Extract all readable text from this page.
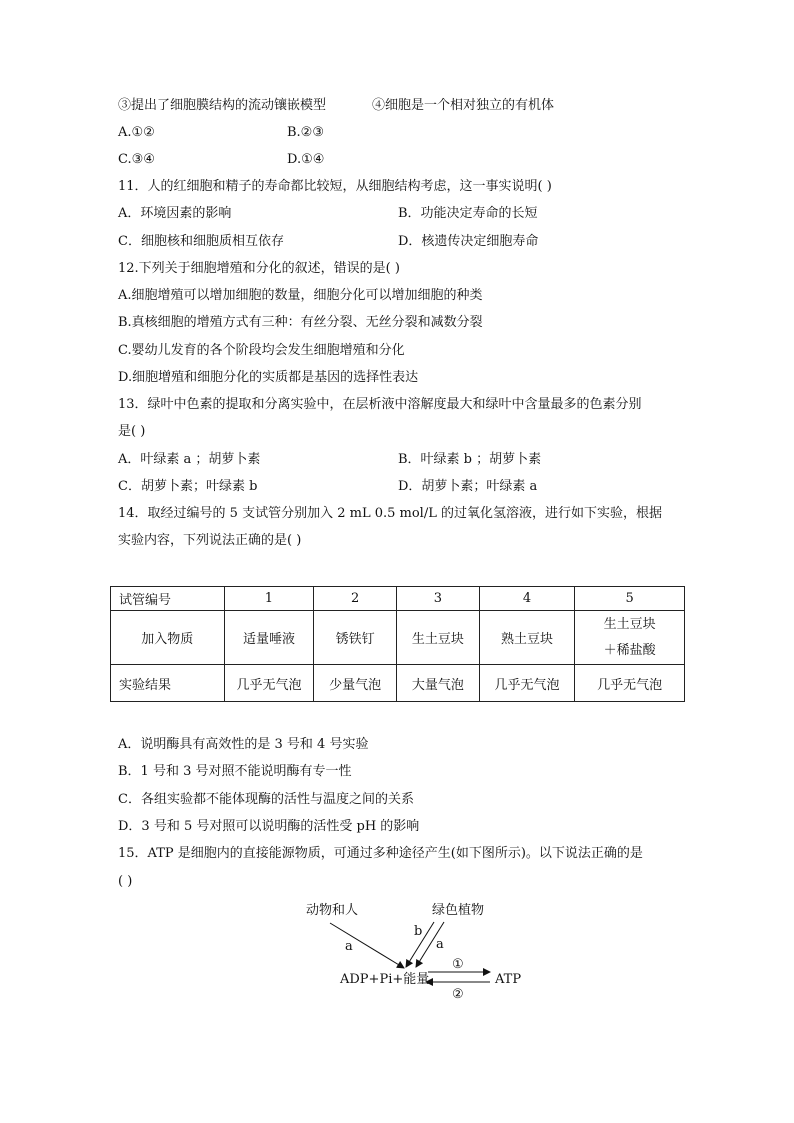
③提出了细胞膜结构的流动镶嵌模型	④细胞是一个相对独立的有机体
A.①②	B.②③
C.③④	D.①④
11．人的红细胞和精子的寿命都比较短，从细胞结构考虑，这一事实说明( )
A．环境因素的影响	B．功能决定寿命的长短
C．细胞核和细胞质相互依存	D．核遗传决定细胞寿命
12.下列关于细胞增殖和分化的叙述，错误的是( )
A.细胞增殖可以增加细胞的数量，细胞分化可以增加细胞的种类
B.真核细胞的增殖方式有三种：有丝分裂、无丝分裂和减数分裂
C.婴幼儿发育的各个阶段均会发生细胞增殖和分化
D.细胞增殖和细胞分化的实质都是基因的选择性表达
13．绿叶中色素的提取和分离实验中，在层析液中溶解度最大和绿叶中含量最多的色素分别
是( )
A．叶绿素 a ；胡萝卜素	B．叶绿素 b ；胡萝卜素
C．胡萝卜素；叶绿素 b	D．胡萝卜素；叶绿素 a
14．取经过编号的 5 支试管分别加入 2 mL 0.5 mol/L 的过氧化氢溶液，进行如下实验，根据
实验内容，下列说法正确的是( )
试管编号	1	2	3	4	5
加入物质	适量唾液	锈铁钉	生土豆块	熟土豆块	生土豆块
＋稀盐酸

实验结果	几乎无气泡	少量气泡	大量气泡	几乎无气泡	几乎无气泡
A．说明酶具有高效性的是 3 号和 4 号实验
B．1 号和 3 号对照不能说明酶有专一性
C．各组实验都不能体现酶的活性与温度之间的关系
D．3 号和 5 号对照可以说明酶的活性受 pH 的影响
15．ATP 是细胞内的直接能源物质，可通过多种途径产生(如下图所示)。以下说法正确的是
( )
动物和人	绿色植物
a
b
a
ADP+Pi+能量	ATP
①
②
